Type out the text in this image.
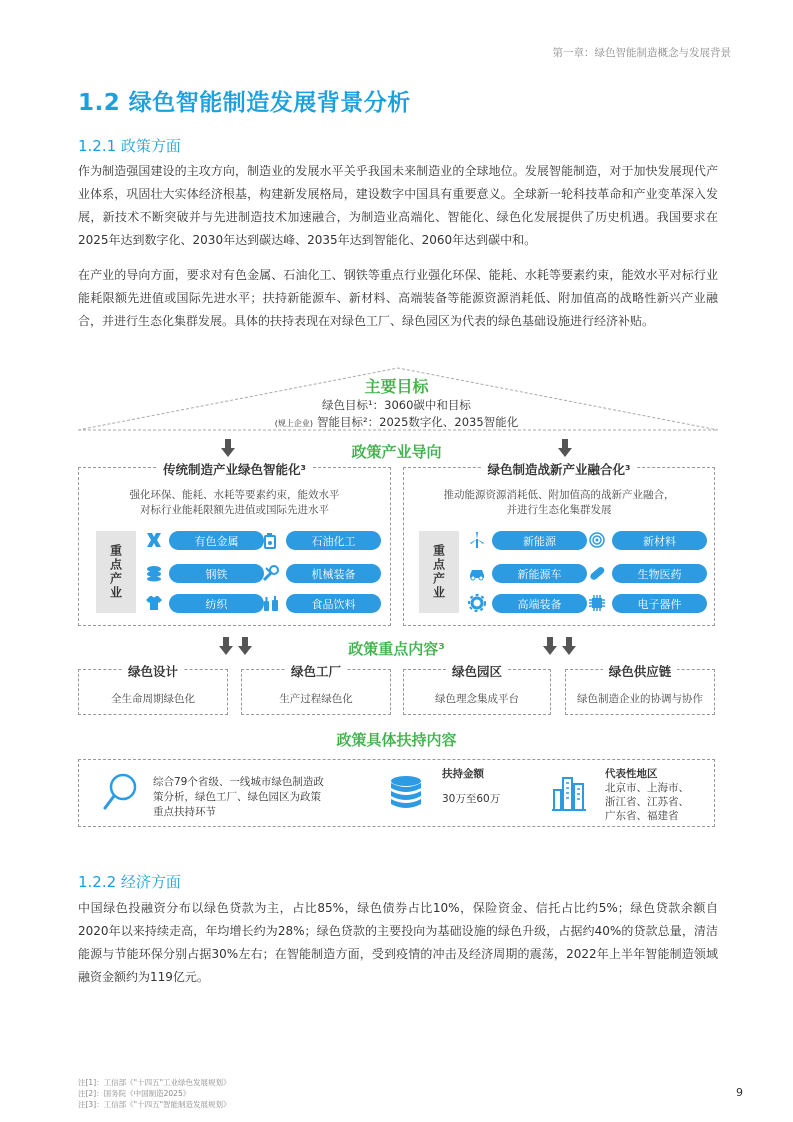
第一章：绿色智能制造概念与发展背景
1.2 绿色智能制造发展背景分析
1.2.1 政策方面
作为制造强国建设的主攻方向，制造业的发展水平关乎我国未来制造业的全球地位。发展智能制造，对于加快发展现代产业体系，巩固壮大实体经济根基，构建新发展格局，建设数字中国具有重要意义。全球新一轮科技革命和产业变革深入发展，新技术不断突破并与先进制造技术加速融合，为制造业高端化、智能化、绿色化发展提供了历史机遇。我国要求在2025年达到数字化、2030年达到碳达峰、2035年达到智能化、2060年达到碳中和。
在产业的导向方面，要求对有色金属、石油化工、钢铁等重点行业强化环保、能耗、水耗等要素约束，能效水平对标行业能耗限额先进值或国际先进水平；扶持新能源车、新材料、高端装备等能源资源消耗低、附加值高的战略性新兴产业融合，并进行生态化集群发展。具体的扶持表现在对绿色工厂、绿色园区为代表的绿色基础设施进行经济补贴。
主要目标
绿色目标¹：3060碳中和目标
(规上企业) 智能目标²：2025数字化、2035智能化
政策产业导向
传统制造产业绿色智能化³
强化环保、能耗、水耗等要素约束，能效水平
对标行业能耗限额先进值或国际先进水平
重点产业
有色金属
钢铁
纺织
石油化工
机械装备
食品饮料
绿色制造战新产业融合化³
推动能源资源消耗低、附加值高的战新产业融合，
并进行生态化集群发展
重点产业
新能源
新能源车
高端装备
新材料
生物医药
电子器件
政策重点内容³
绿色设计
全生命周期绿色化
绿色工厂
生产过程绿色化
绿色园区
绿色理念集成平台
绿色供应链
绿色制造企业的协调与协作
政策具体扶持内容
综合79个省级、一线城市绿色制造政
策分析，绿色工厂、绿色园区为政策
重点扶持环节
扶持金额
30万至60万
代表性地区
北京市、上海市、
浙江省、江苏省、
广东省、福建省
1.2.2 经济方面
中国绿色投融资分布以绿色贷款为主，占比85%，绿色债券占比10%，保险资金、信托占比约5%；绿色贷款余额自2020年以来持续走高，年均增长约为28%；绿色贷款的主要投向为基础设施的绿色升级，占据约40%的贷款总量，清洁能源与节能环保分别占据30%左右；在智能制造方面，受到疫情的冲击及经济周期的震荡，2022年上半年智能制造领域融资金额约为119亿元。
注[1]：工信部《"十四五"工业绿色发展规划》
注[2]：国务院《中国制造2025》
注[3]：工信部《"十四五"智能制造发展规划》
9
